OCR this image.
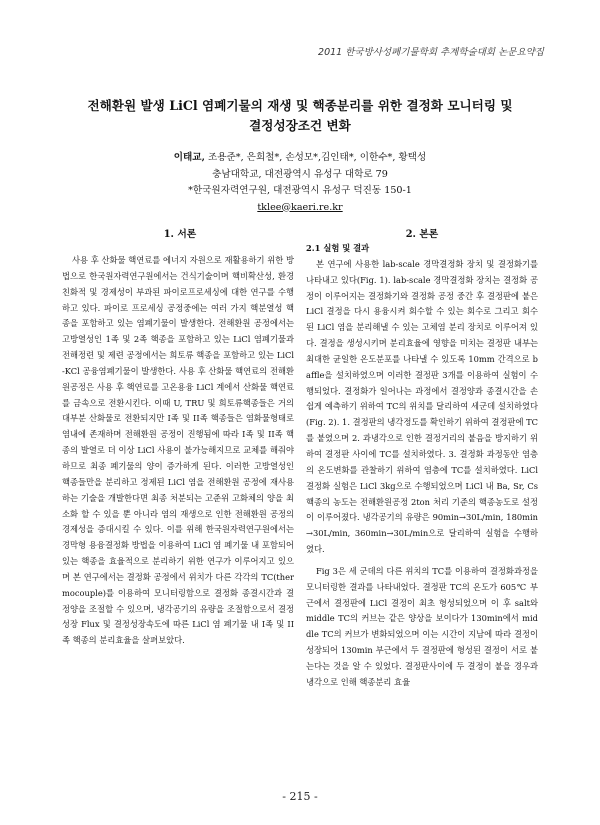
2011 한국방사성폐기물학회 추계학술대회 논문요약집
전해환원 발생 LiCl 염폐기물의 재생 및 핵종분리를 위한 결정화 모니터링 및
결정성장조건 변화
이태교, 조용준*, 은희철*, 손성모*,김인태*, 이한수*, 황택성
충남대학교, 대전광역시 유성구 대학로 79
*한국원자력연구원, 대전광역시 유성구 덕진동 150-1
tklee@kaeri.re.kr
1. 서론	2. 본론

사용 후 산화물 핵연료를 에너지 자원으로 재활용하기 위한 방법으로 한국원자력연구원에서는 건식기술이며 핵비확산성, 환경친화적 및 경제성이 부과된 파이로프로세싱에 대한 연구를 수행하고 있다. 파이로 프로세싱 공정중에는 여러 가지 핵분열성 핵종을 포함하고 있는 염폐기물이 발생한다. 전해환원 공정에서는 고방열성인 1족 및 2족 핵종을 포함하고 있는 LiCl 염폐기물과 전해정련 및 제련 공정에서는 희토류 핵종을 포함하고 있는 LiCl-KCl 공융염폐기물이 발생한다. 사용 후 산화물 핵연료의 전해환원공정은 사용 후 핵연료를 고온용융 LiCl 계에서 산화물 핵연료를 금속으로 전환시킨다. 이때 U, TRU 및 희토류핵종들은 거의 대부분 산화물로 전환되지만 I족 및 II족 핵종들은 염화물형태로 염내에 존재하며 전해환원 공정이 진행됨에 따라 I족 및 II족 핵종의 발열로 더 이상 LiCl 사용이 불가능해지므로 교체를 해줘야 하므로 최종 폐기물의 양이 증가하게 된다. 이러한 고방열성인 핵종들만을 분리하고 정제된 LiCl 염을 전해환원 공정에 재사용하는 기술을 개발한다면 최종 처분되는 고준위 고화체의 양을 최소화 할 수 있을 뿐 아니라 염의 재생으로 인한 전해환원 공정의 경제성을 증대시킬 수 있다. 이를 위해 한국원자력연구원에서는 경막형 용융결정화 방법을 이용하여 LiCl 염 폐기물 내 포함되어 있는 핵종을 효율적으로 분리하기 위한 연구가 이루어지고 있으며 본 연구에서는 결정화 공정에서 위치가 다른 각각의 TC(thermocouple)를 이용하여 모니터링함으로 결정화 종결시간과 결정양을 조절할 수 있으며, 냉각공기의 유량을 조절함으로서 결정성장 Flux 및 결정성장속도에 따른 LiCl 염 폐기물 내 I족 및 II족 핵종의 분리효율을 살펴보았다.

2.1 실험 및 결과

본 연구에 사용한 lab-scale 경막결정화 장치 및 결정화기를 나타내고 있다(Fig. 1). lab-scale 경막결정화 장치는 결정화 공정이 이루어지는 결정화기와 결정화 공정 중간 후 결정판에 붙은 LiCl 결정을 다시 용융시켜 회수할 수 있는 회수로 그리고 회수된 LiCl 염을 분리해낼 수 있는 고체염 분리 장치로 이루어져 있다. 결정을 생성시키며 분리효율에 영향을 미치는 결정판 내부는 최대한 균일한 온도분포를 나타낼 수 있도록 10mm 간격으로 baffle을 설치하였으며 이러한 결정판 3개를 이용하여 실험이 수행되었다. 결정화가 일어나는 과정에서 결정양과 종결시간을 손쉽게 예측하기 위하여 TC의 위치를 달리하여 세군데 설치하였다(Fig. 2). 1. 결정판의 냉각정도를 확인하기 위하여 결정판에 TC를 붙였으며 2. 과냉각으로 인한 결정거리의 붙음을 방지하기 위하여 결정판 사이에 TC를 설치하였다. 3. 결정화 과정동안 염층의 온도변화를 관찰하기 위하여 염층에 TC를 설치하였다. LiCl 결정화 실험은 LiCl 3kg으로 수행되었으며 LiCl 내 Ba, Sr, Cs 핵종의 농도는 전해환원공정 2ton 처리 기준의 핵종농도로 설정이 이루어졌다. 냉각공기의 유량은 90min→30L/min, 180min→30L/min, 360min→30L/min으로 달리하여 실험을 수행하였다.

Fig 3은 세 군데의 다른 위치의 TC를 이용하여 결정화과정을 모니터링한 결과를 나타내었다. 결정판 TC의 온도가 605℃ 부근에서 결정판에 LiCl 결정이 최초 형성되었으며 이 후 salt와 middle TC의 커브는 같은 양상을 보이다가 130min에서 middle TC의 커브가 변화되었으며 이는 시간이 지남에 따라 결정이 성장되어 130min 부근에서 두 결정판에 형성된 결정이 서로 붙는다는 것을 알 수 있었다. 결정판사이에 두 결정이 붙을 경우과냉각으로 인해 핵종분리 효율

- 215 -
